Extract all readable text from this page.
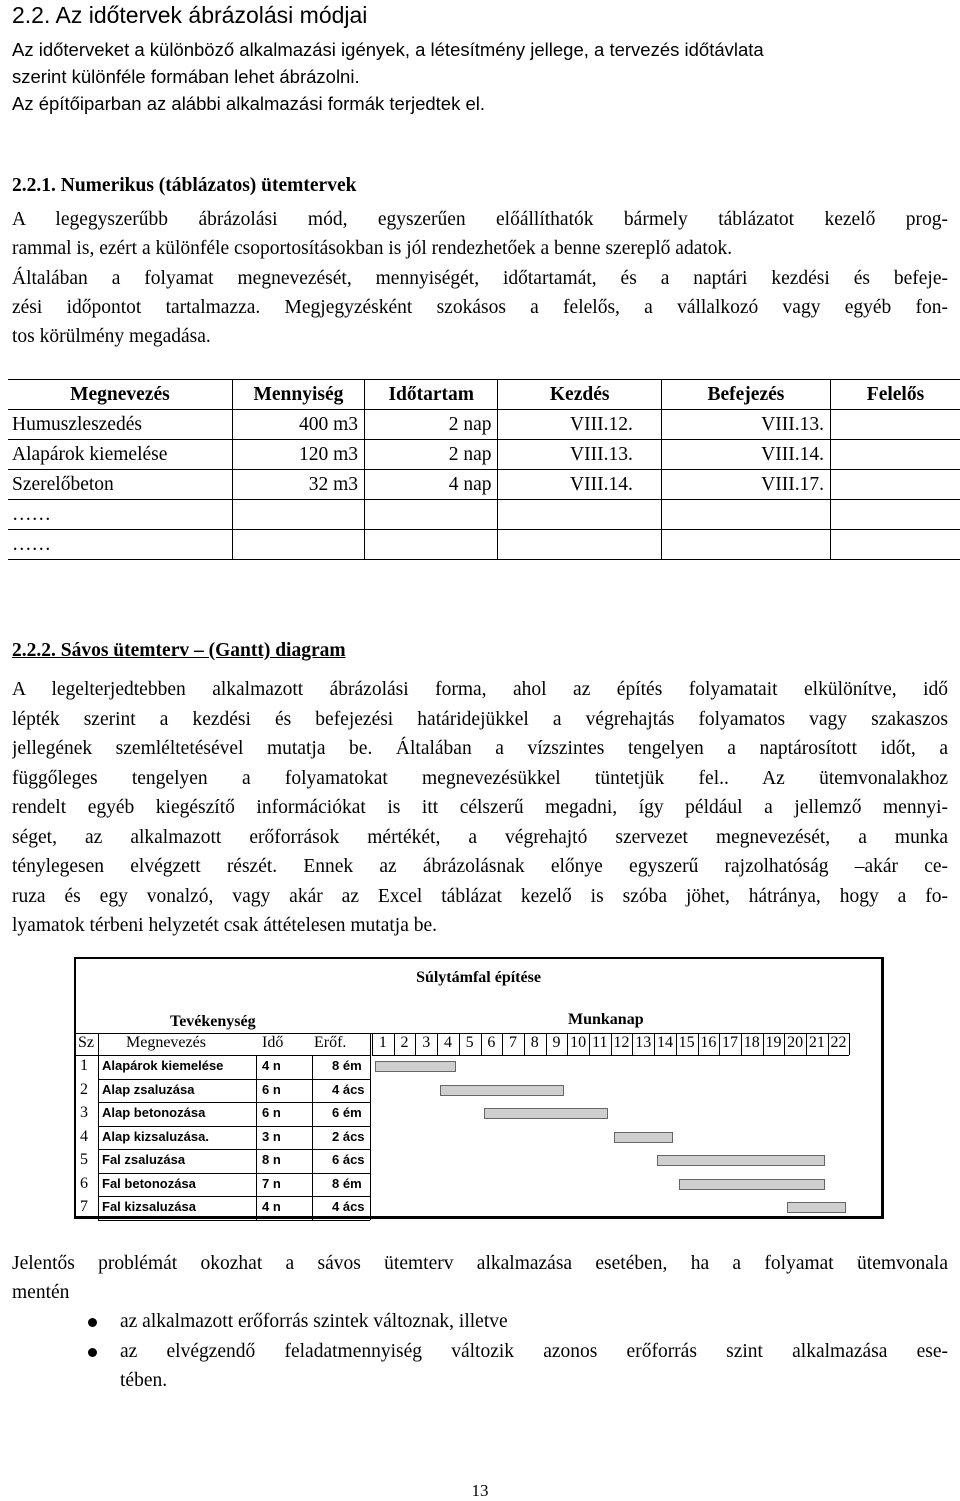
2.2. Az időtervek ábrázolási módjai
Az időterveket a különböző alkalmazási igények, a létesítmény jellege, a tervezés időtávlata
szerint különféle formában lehet ábrázolni.
Az építőiparban az alábbi alkalmazási formák terjedtek el.
2.2.1. Numerikus (táblázatos) ütemtervek
A legegyszerűbb ábrázolási mód, egyszerűen előállíthatók bármely táblázatot kezelő prog-
rammal is, ezért a különféle csoportosításokban is jól rendezhetőek a benne szereplő adatok.
Általában a folyamat megnevezését, mennyiségét, időtartamát, és a naptári kezdési és befeje-
zési időpontot tartalmazza. Megjegyzésként szokásos a felelős, a vállalkozó vagy egyéb fon-
tos körülmény megadása.
Megnevezés	Mennyiség	Időtartam	Kezdés	Befejezés	Felelős
Humuszleszedés	400 m3	2 nap	VIII.12.	VIII.13.	
Alapárok kiemelése	120 m3	2 nap	VIII.13.	VIII.14.	
Szerelőbeton	32 m3	4 nap	VIII.14.	VIII.17.	
……					
……					
2.2.2. Sávos ütemterv – (Gantt) diagram
A legelterjedtebben alkalmazott ábrázolási forma, ahol az építés folyamatait elkülönítve, idő
lépték szerint a kezdési és befejezési határidejükkel a végrehajtás folyamatos vagy szakaszos
jellegének szemléltetésével mutatja be. Általában a vízszintes tengelyen a naptárosított időt, a
függőleges tengelyen a folyamatokat megnevezésükkel tüntetjük fel.. Az ütemvonalakhoz
rendelt egyéb kiegészítő információkat is itt célszerű megadni, így például a jellemző mennyi-
séget, az alkalmazott erőforrások mértékét, a végrehajtó szervezet megnevezését, a munka
ténylegesen elvégzett részét. Ennek az ábrázolásnak előnye egyszerű rajzolhatóság –akár ce-
ruza és egy vonalzó, vagy akár az Excel táblázat kezelő is szóba jöhet, hátránya, hogy a fo-
lyamatok térbeni helyzetét csak áttételesen mutatja be.
Súlytámfal építése
Tevékenység	Munkanap
Sz Megnevezés	Idő Erőf.	1 2 3 4 5 6 7 8 9 10 11 12 13 14 15 16 17 18 19 20 21 22
1 Alapárok kiemelése	4 n	8 ém
2 Alap zsaluzása	6 n	4 ács
3 Alap betonozása	6 n	6 ém
4 Alap kizsaluzása.	3 n	2 ács
5 Fal zsaluzása	8 n	6 ács
6 Fal betonozása	7 n	8 ém
7 Fal kizsaluzása	4 n	4 ács
Jelentős problémát okozhat a sávos ütemterv alkalmazása esetében, ha a folyamat ütemvonala
mentén
az alkalmazott erőforrás szintek változnak, illetve
az elvégzendő feladatmennyiség változik azonos erőforrás szint alkalmazása ese-
tében.
13
